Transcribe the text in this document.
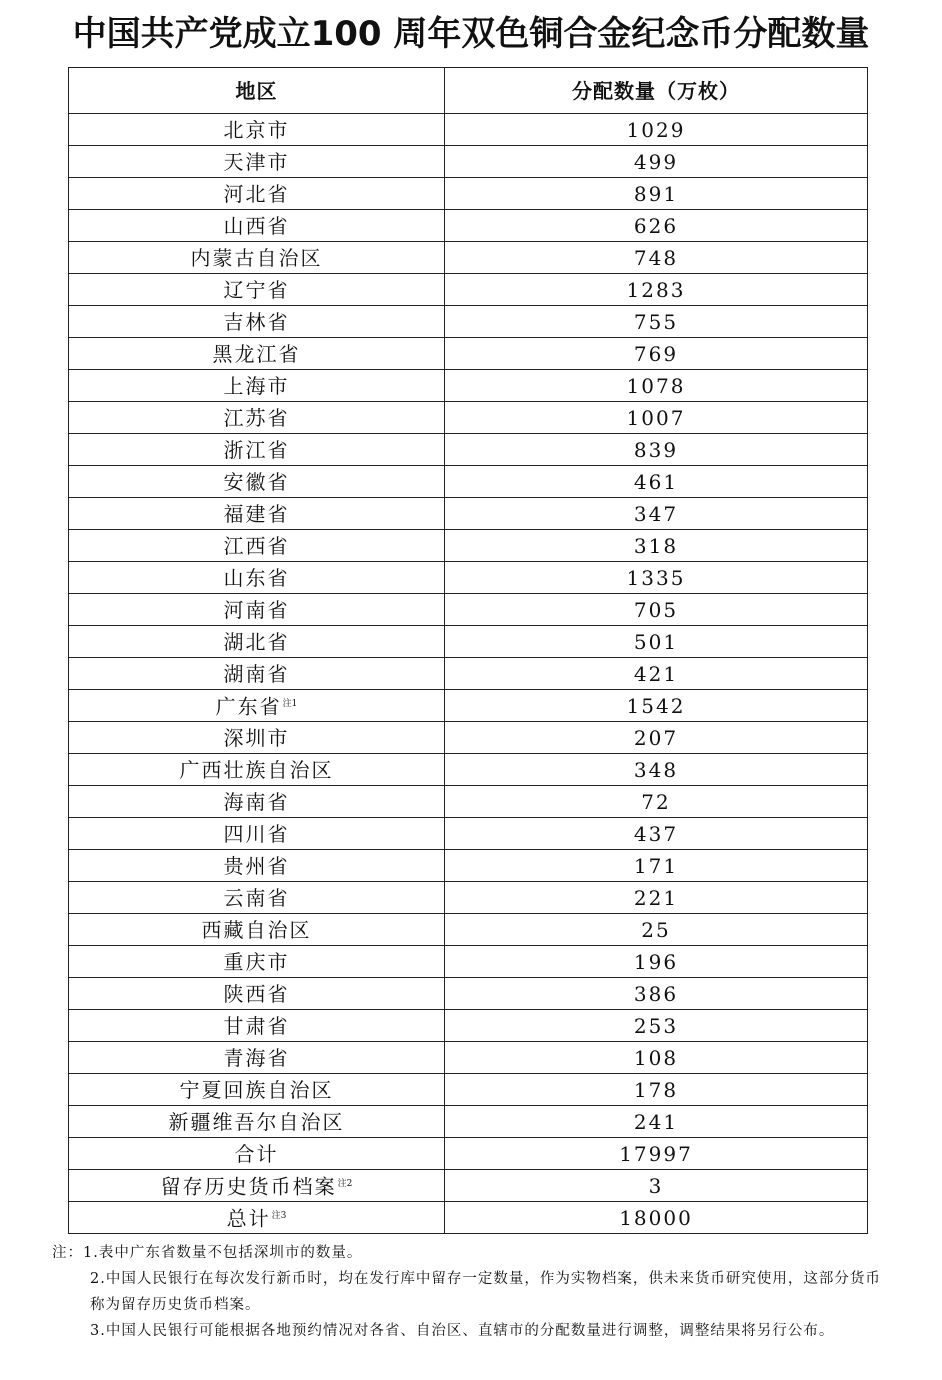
中国共产党成立100 周年双色铜合金纪念币分配数量
地区	分配数量（万枚）
北京市	1029
天津市	499
河北省	891
山西省	626
内蒙古自治区	748
辽宁省	1283
吉林省	755
黑龙江省	769
上海市	1078
江苏省	1007
浙江省	839
安徽省	461
福建省	347
江西省	318
山东省	1335
河南省	705
湖北省	501
湖南省	421
广东省$^{注1}$	1542
深圳市	207
广西壮族自治区	348
海南省	72
四川省	437
贵州省	171
云南省	221
西藏自治区	25
重庆市	196
陕西省	386
甘肃省	253
青海省	108
宁夏回族自治区	178
新疆维吾尔自治区	241
合计	17997
留存历史货币档案$^{注2}$	3
总计$^{注3}$	18000

注：1.表中广东省数量不包括深圳市的数量。

2.中国人民银行在每次发行新币时，均在发行库中留存一定数量，作为实物档案，供未来货币研究使用，这部分货币称为留存历史货币档案。

3.中国人民银行可能根据各地预约情况对各省、自治区、直辖市的分配数量进行调整，调整结果将另行公布。
